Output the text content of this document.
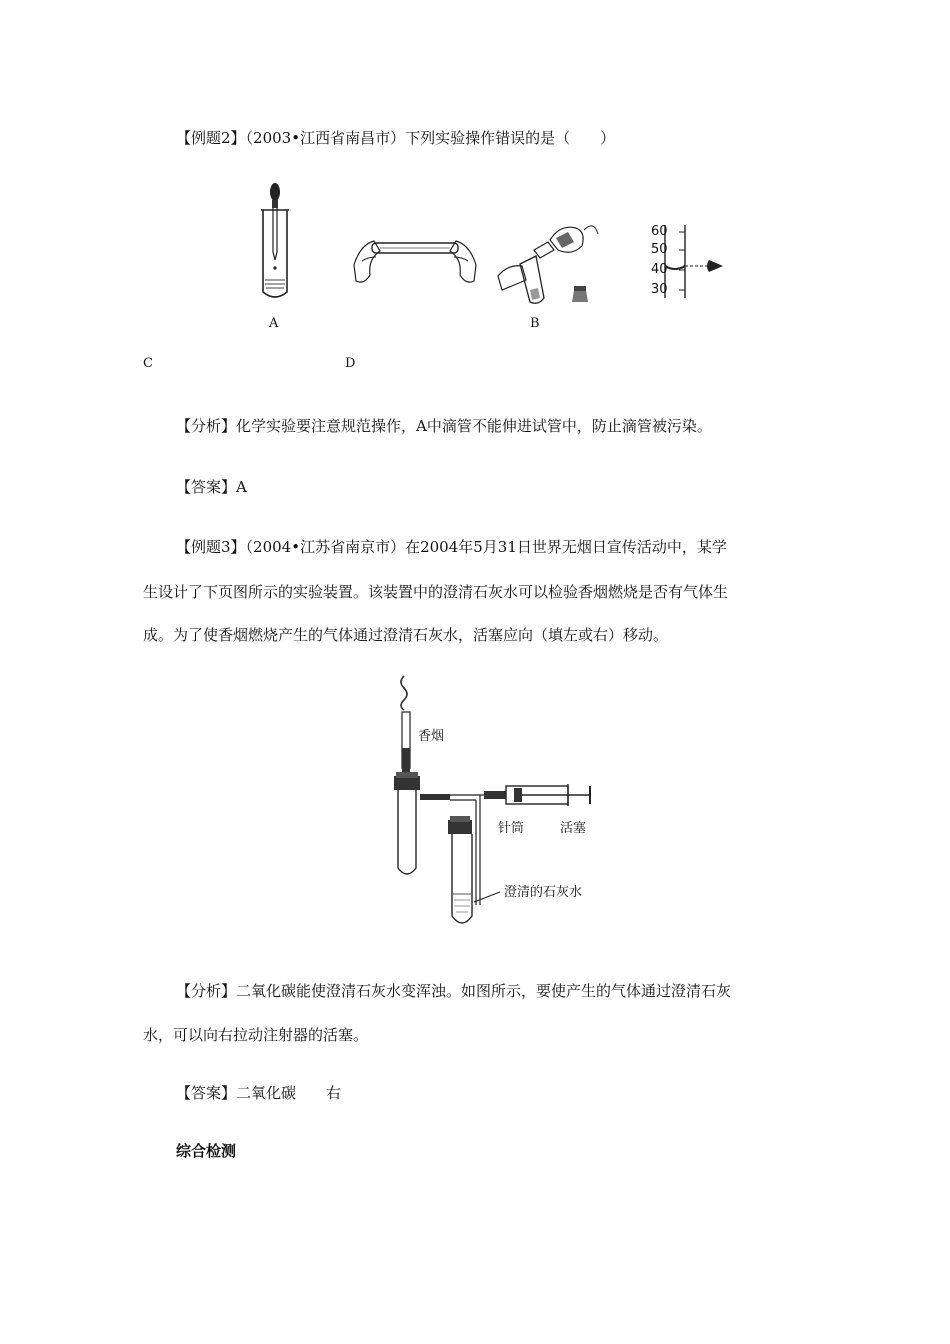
【例题2】（2003•江西省南昌市）下列实验操作错误的是（　　）
A	B
60
50
40
30
C	D
【分析】化学实验要注意规范操作，A中滴管不能伸进试管中，防止滴管被污染。
【答案】A
【例题3】（2004•江苏省南京市）在2004年5月31日世界无烟日宣传活动中，某学
生设计了下页图所示的实验装置。该装置中的澄清石灰水可以检验香烟燃烧是否有气体生
成。为了使香烟燃烧产生的气体通过澄清石灰水，活塞应向（填左或右）移动。
香烟
针筒	活塞
澄清的石灰水
【分析】二氧化碳能使澄清石灰水变浑浊。如图所示，要使产生的气体通过澄清石灰
水，可以向右拉动注射器的活塞。
【答案】二氧化碳　　右
综合检测
